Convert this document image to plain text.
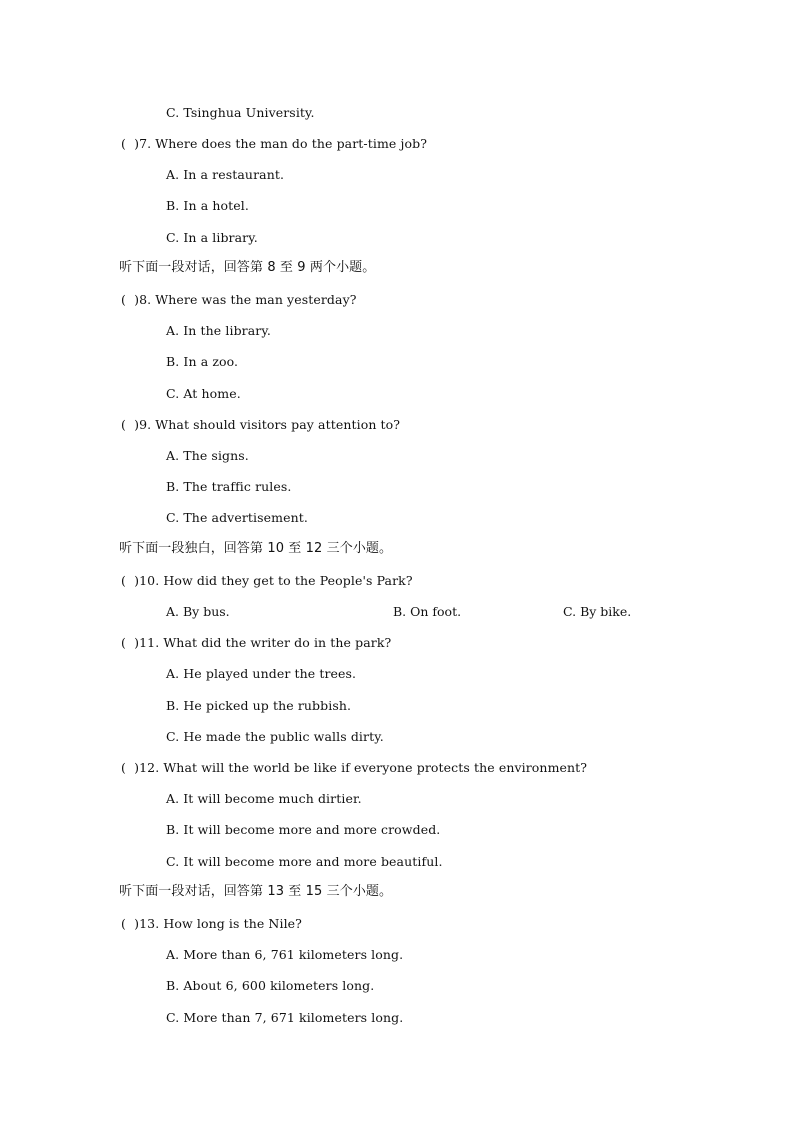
C. Tsinghua University.
(  )7. Where does the man do the part-time job?
A. In a restaurant.
B. In a hotel.
C. In a library.
听下面一段对话，回答第 8 至 9 两个小题。
(  )8. Where was the man yesterday?
A. In the library.
B. In a zoo.
C. At home.
(  )9. What should visitors pay attention to?
A. The signs.
B. The traffic rules.
C. The advertisement.
听下面一段独白，回答第 10 至 12 三个小题。
(  )10. How did they get to the People's Park?
A. By bus.	B. On foot.	C. By bike.
(  )11. What did the writer do in the park?
A. He played under the trees.
B. He picked up the rubbish.
C. He made the public walls dirty.
(  )12. What will the world be like if everyone protects the environment?
A. It will become much dirtier.
B. It will become more and more crowded.
C. It will become more and more beautiful.
听下面一段对话，回答第 13 至 15 三个小题。
(  )13. How long is the Nile?
A. More than 6, 761 kilometers long.
B. About 6, 600 kilometers long.
C. More than 7, 671 kilometers long.
